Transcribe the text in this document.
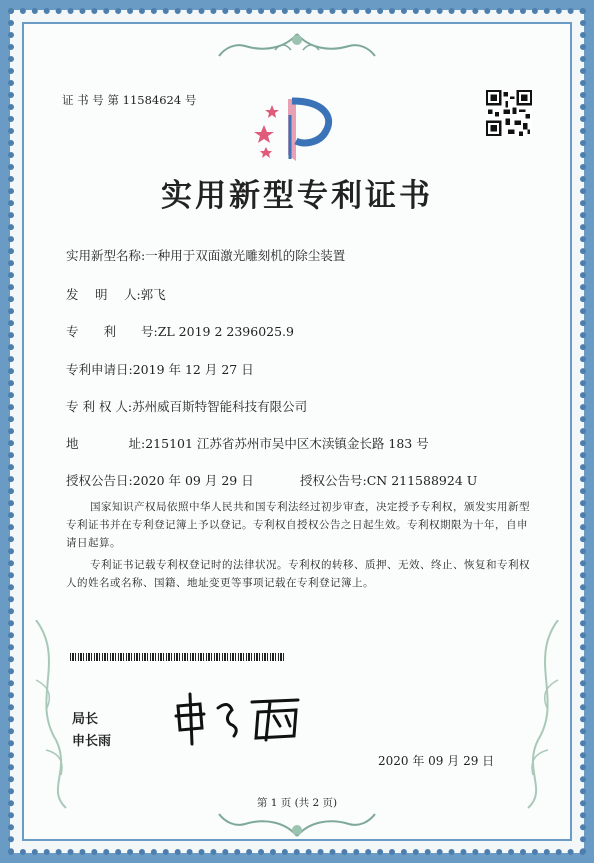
证 书 号 第 11584624 号
实用新型专利证书
实用新型名称:一种用于双面激光雕刻机的除尘装置
发　 明　 人:郭飞
专　　利　　号:ZL 2019 2 2396025.9
专利申请日:2019 年 12 月 27 日
专 利 权 人:苏州威百斯特智能科技有限公司
地　　　　址:215101 江苏省苏州市吴中区木渎镇金长路 183 号
授权公告日:2020 年 09 月 29 日	授权公告号:CN 211588924 U
国家知识产权局依照中华人民共和国专利法经过初步审查，决定授予专利权，颁发实用新型专利证书并在专利登记簿上予以登记。专利权自授权公告之日起生效。专利权期限为十年，自申请日起算。
专利证书记载专利权登记时的法律状况。专利权的转移、质押、无效、终止、恢复和专利权人的姓名或名称、国籍、地址变更等事项记载在专利登记簿上。
局长
申长雨
2020 年 09 月 29 日
第 1 页 (共 2 页)
